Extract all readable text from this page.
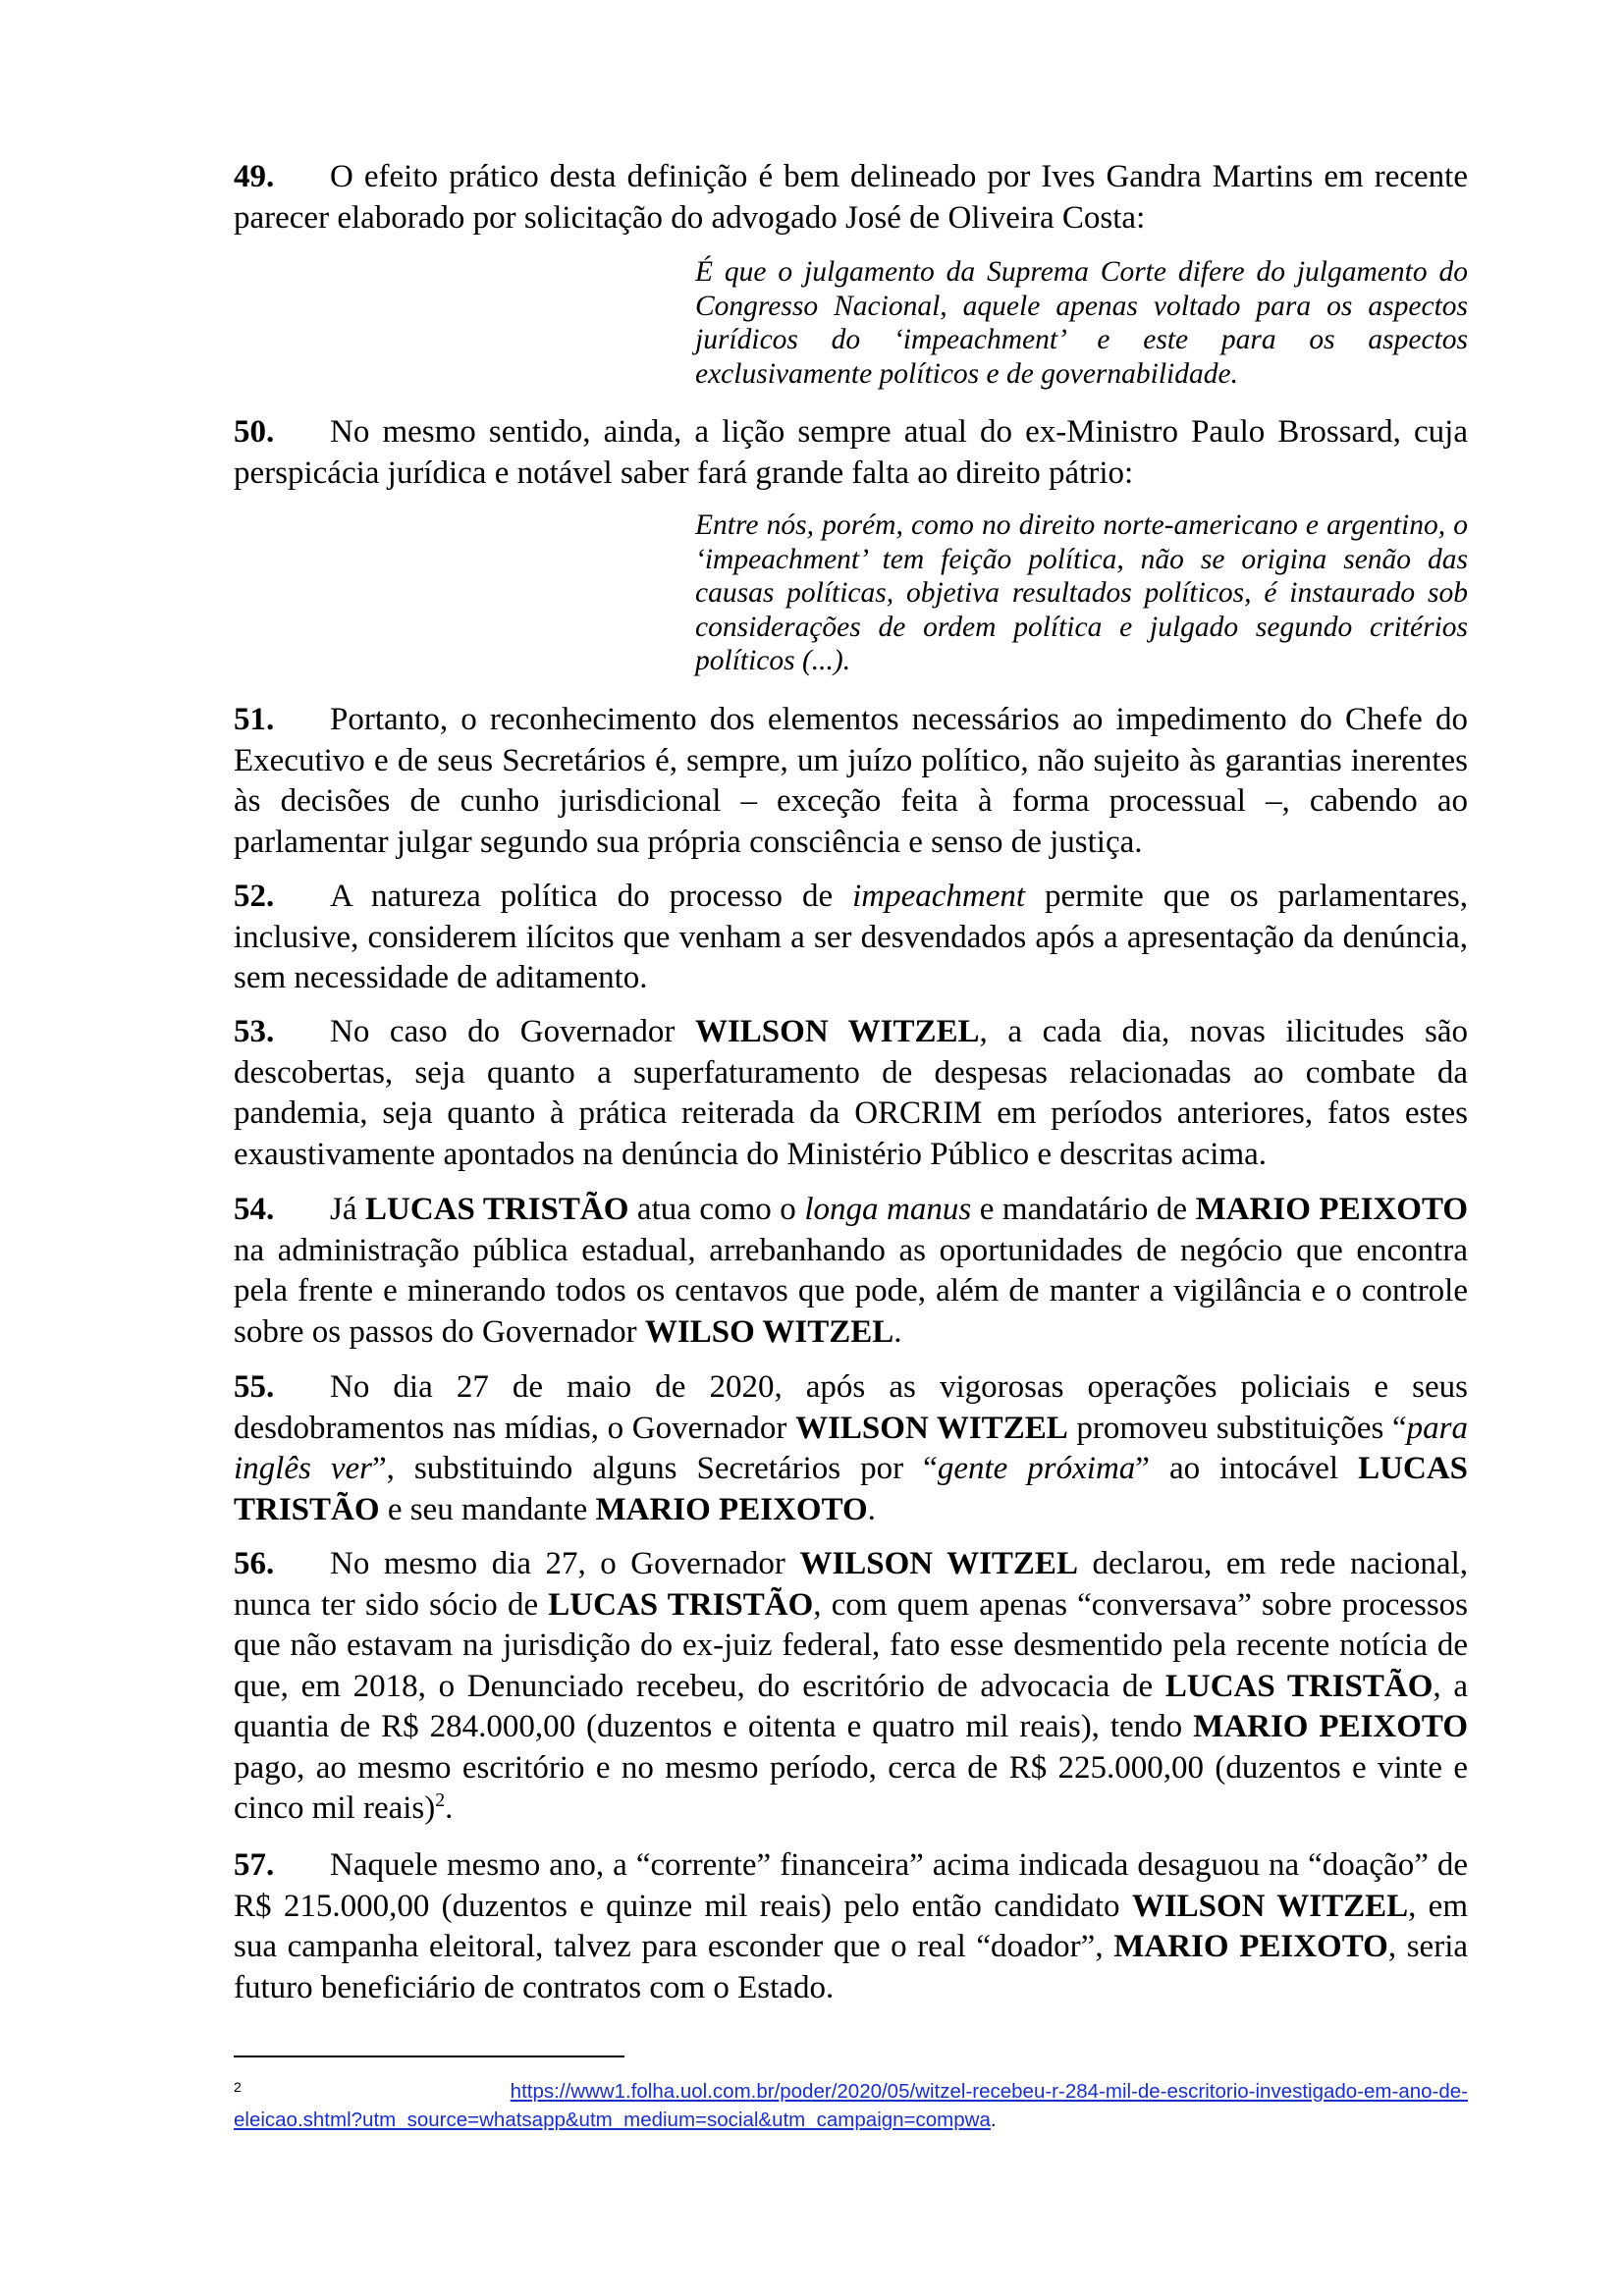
49. O efeito prático desta definição é bem delineado por Ives Gandra Martins em recente parecer elaborado por solicitação do advogado José de Oliveira Costa:

É que o julgamento da Suprema Corte difere do julgamento do Congresso Nacional, aquele apenas voltado para os aspectos jurídicos do ‘impeachment’ e este para os aspectos exclusivamente políticos e de governabilidade.

50. No mesmo sentido, ainda, a lição sempre atual do ex-Ministro Paulo Brossard, cuja perspicácia jurídica e notável saber fará grande falta ao direito pátrio:

Entre nós, porém, como no direito norte-americano e argentino, o ‘impeachment’ tem feição política, não se origina senão das causas políticas, objetiva resultados políticos, é instaurado sob considerações de ordem política e julgado segundo critérios políticos (...).

51. Portanto, o reconhecimento dos elementos necessários ao impedimento do Chefe do Executivo e de seus Secretários é, sempre, um juízo político, não sujeito às garantias inerentes às decisões de cunho jurisdicional – exceção feita à forma processual –, cabendo ao parlamentar julgar segundo sua própria consciência e senso de justiça.

52. A natureza política do processo de impeachment permite que os parlamentares, inclusive, considerem ilícitos que venham a ser desvendados após a apresentação da denúncia, sem necessidade de aditamento.

53. No caso do Governador WILSON WITZEL, a cada dia, novas ilicitudes são descobertas, seja quanto a superfaturamento de despesas relacionadas ao combate da pandemia, seja quanto à prática reiterada da ORCRIM em períodos anteriores, fatos estes exaustivamente apontados na denúncia do Ministério Público e descritas acima.

54. Já LUCAS TRISTÃO atua como o longa manus e mandatário de MARIO PEIXOTO na administração pública estadual, arrebanhando as oportunidades de negócio que encontra pela frente e minerando todos os centavos que pode, além de manter a vigilância e o controle sobre os passos do Governador WILSO WITZEL.

55. No dia 27 de maio de 2020, após as vigorosas operações policiais e seus desdobramentos nas mídias, o Governador WILSON WITZEL promoveu substituições “para inglês ver”, substituindo alguns Secretários por “gente próxima” ao intocável LUCAS TRISTÃO e seu mandante MARIO PEIXOTO.

56. No mesmo dia 27, o Governador WILSON WITZEL declarou, em rede nacional, nunca ter sido sócio de LUCAS TRISTÃO, com quem apenas “conversava” sobre processos que não estavam na jurisdição do ex-juiz federal, fato esse desmentido pela recente notícia de que, em 2018, o Denunciado recebeu, do escritório de advocacia de LUCAS TRISTÃO, a quantia de R$ 284.000,00 (duzentos e oitenta e quatro mil reais), tendo MARIO PEIXOTO pago, ao mesmo escritório e no mesmo período, cerca de R$ 225.000,00 (duzentos e vinte e cinco mil reais)$^2$.

57. Naquele mesmo ano, a “corrente” financeira” acima indicada desaguou na “doação” de R$ 215.000,00 (duzentos e quinze mil reais) pelo então candidato WILSON WITZEL, em sua campanha eleitoral, talvez para esconder que o real “doador”, MARIO PEIXOTO, seria futuro beneficiário de contratos com o Estado.

2	https://www1.folha.uol.com.br/poder/2020/05/witzel-recebeu-r-284-mil-de-escritorio-investigado-em-ano-de-
eleicao.shtml?utm_source=whatsapp&utm_medium=social&utm_campaign=compwa.
